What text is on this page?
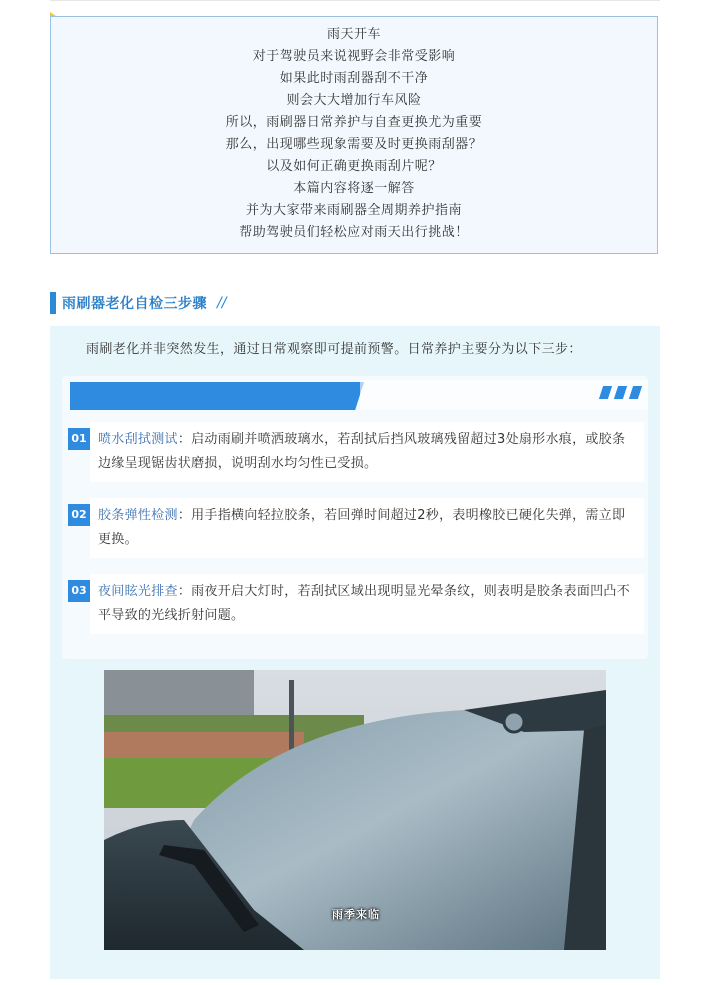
雨天开车
对于驾驶员来说视野会非常受影响
如果此时雨刮器刮不干净
则会大大增加行车风险
所以，雨刷器日常养护与自查更换尤为重要
那么，出现哪些现象需要及时更换雨刮器？
以及如何正确更换雨刮片呢？
本篇内容将逐一解答
并为大家带来雨刷器全周期养护指南
帮助驾驶员们轻松应对雨天出行挑战！
雨刷器老化自检三步骤 //
雨刷老化并非突然发生，通过日常观察即可提前预警。日常养护主要分为以下三步：
01 喷水刮拭测试：启动雨刷并喷洒玻璃水，若刮拭后挡风玻璃残留超过3处扇形水痕，或胶条边缘呈现锯齿状磨损，说明刮水均匀性已受损。
02 胶条弹性检测：用手指横向轻拉胶条，若回弹时间超过2秒，表明橡胶已硬化失弹，需立即更换。
03 夜间眩光排查：雨夜开启大灯时，若刮拭区域出现明显光晕条纹，则表明是胶条表面凹凸不平导致的光线折射问题。
雨季来临
